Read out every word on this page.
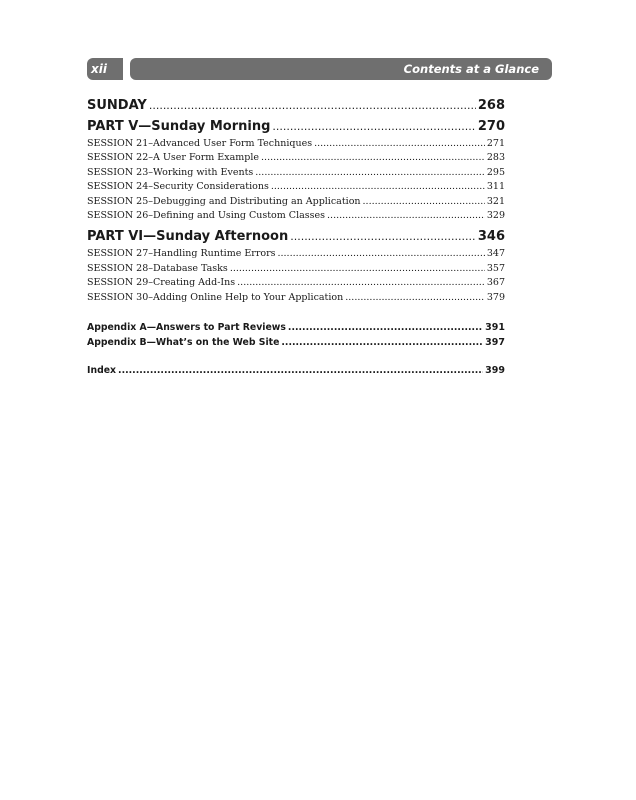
xii	Contents at a Glance
SUNDAY .....	268
PART V—Sunday Morning .....	270
SESSION 21–Advanced User Form Techniques .....	271
SESSION 22–A User Form Example .....	283
SESSION 23–Working with Events .....	295
SESSION 24–Security Considerations .....	311
SESSION 25–Debugging and Distributing an Application .....	321
SESSION 26–Defining and Using Custom Classes .....	329
PART VI—Sunday Afternoon .....	346
SESSION 27–Handling Runtime Errors .....	347
SESSION 28–Database Tasks .....	357
SESSION 29–Creating Add-Ins .....	367
SESSION 30–Adding Online Help to Your Application .....	379
Appendix A—Answers to Part Reviews .....	391
Appendix B—What’s on the Web Site .....	397
Index .....	399
